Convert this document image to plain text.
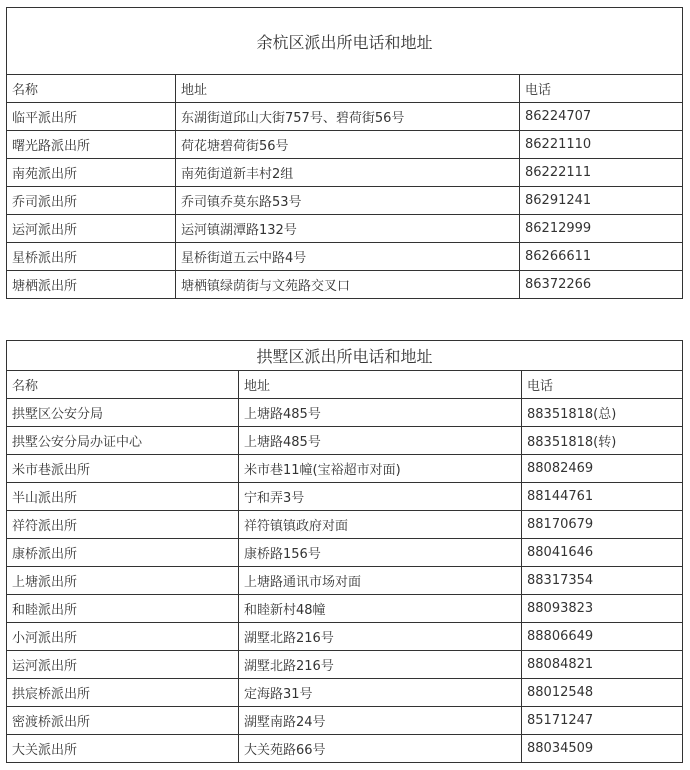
余杭区派出所电话和地址		
名称	地址	电话
临平派出所	东湖街道邱山大街757号、碧荷街56号	86224707
曙光路派出所	荷花塘碧荷街56号	86221110
南苑派出所	南苑街道新丰村2组	86222111
乔司派出所	乔司镇乔莫东路53号	86291241
运河派出所	运河镇湖潭路132号	86212999
星桥派出所	星桥街道五云中路4号	86266611
塘栖派出所	塘栖镇绿荫街与文苑路交叉口	86372266
拱墅区派出所电话和地址		
名称	地址	电话
拱墅区公安分局	上塘路485号	88351818(总)
拱墅公安分局办证中心	上塘路485号	88351818(转)
米市巷派出所	米市巷11幢(宝裕超市对面)	88082469
半山派出所	宁和弄3号	88144761
祥符派出所	祥符镇镇政府对面	88170679
康桥派出所	康桥路156号	88041646
上塘派出所	上塘路通讯市场对面	88317354
和睦派出所	和睦新村48幢	88093823
小河派出所	湖墅北路216号	88806649
运河派出所	湖墅北路216号	88084821
拱宸桥派出所	定海路31号	88012548
密渡桥派出所	湖墅南路24号	85171247
大关派出所	大关苑路66号	88034509
